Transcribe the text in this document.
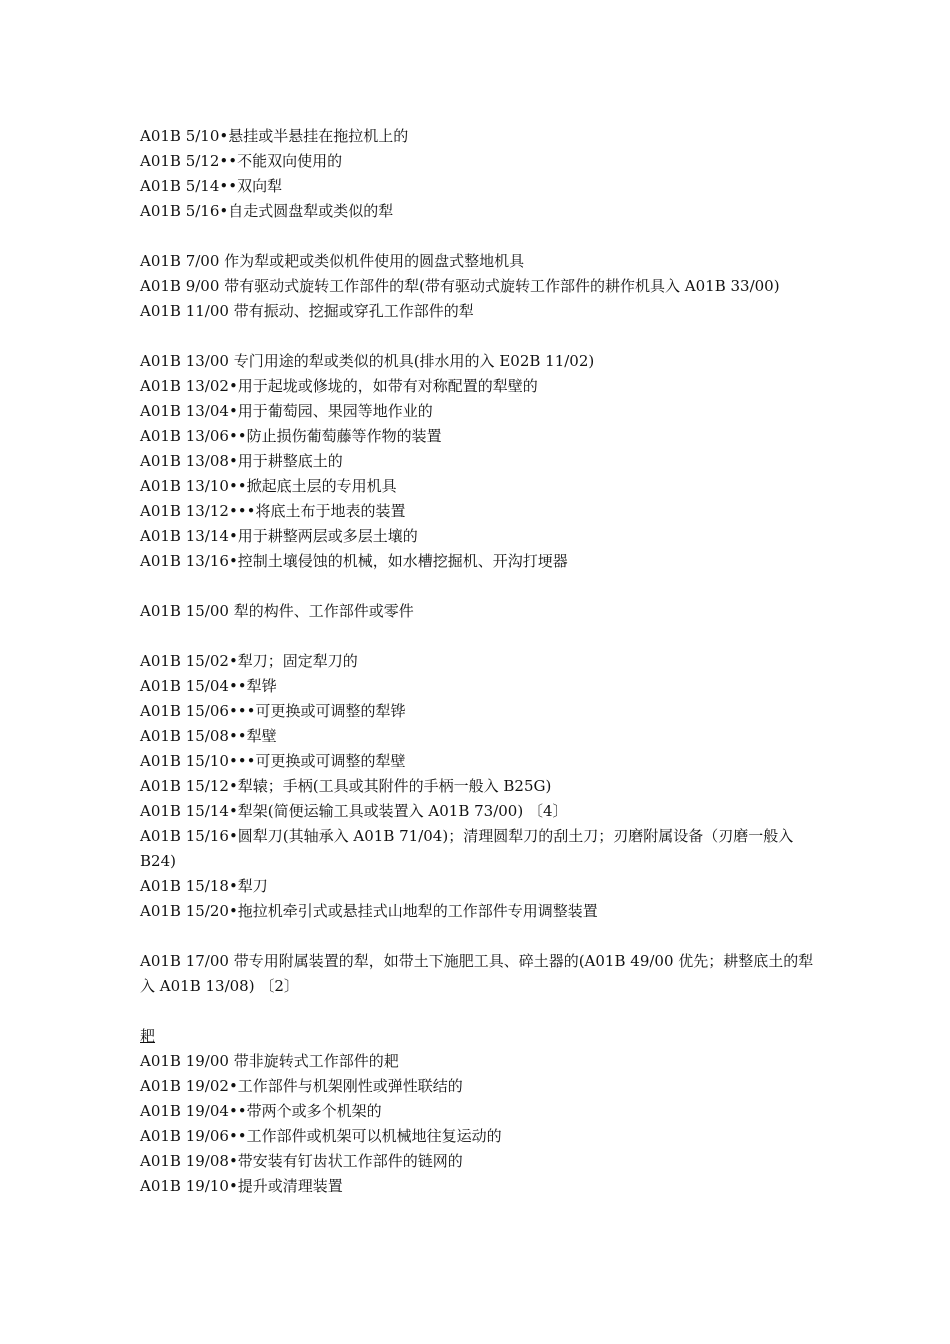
A01B 5/10•悬挂或半悬挂在拖拉机上的

A01B 5/12••不能双向使用的

A01B 5/14••双向犁

A01B 5/16•自走式圆盘犁或类似的犁

A01B 7/00 作为犁或耙或类似机件使用的圆盘式整地机具

A01B 9/00 带有驱动式旋转工作部件的犁(带有驱动式旋转工作部件的耕作机具入 A01B 33/00)

A01B 11/00 带有振动、挖掘或穿孔工作部件的犁

A01B 13/00 专门用途的犁或类似的机具(排水用的入 E02B 11/02)

A01B 13/02•用于起垅或修垅的，如带有对称配置的犁壁的

A01B 13/04•用于葡萄园、果园等地作业的

A01B 13/06••防止损伤葡萄藤等作物的装置

A01B 13/08•用于耕整底土的

A01B 13/10••掀起底土层的专用机具

A01B 13/12•••将底土布于地表的装置

A01B 13/14•用于耕整两层或多层土壤的

A01B 13/16•控制土壤侵蚀的机械，如水槽挖掘机、开沟打埂器

A01B 15/00 犁的构件、工作部件或零件

A01B 15/02•犁刀；固定犁刀的

A01B 15/04••犁铧

A01B 15/06•••可更换或可调整的犁铧

A01B 15/08••犁壁

A01B 15/10•••可更换或可调整的犁壁

A01B 15/12•犁辕；手柄(工具或其附件的手柄一般入 B25G)

A01B 15/14•犁架(简便运输工具或装置入 A01B 73/00) 〔4〕

A01B 15/16•圆犁刀(其轴承入 A01B 71/04)；清理圆犁刀的刮土刀；刃磨附属设备（刃磨一般入 B24)

A01B 15/18•犁刀

A01B 15/20•拖拉机牵引式或悬挂式山地犁的工作部件专用调整装置

A01B 17/00 带专用附属装置的犁，如带土下施肥工具、碎土器的(A01B 49/00 优先；耕整底土的犁入 A01B 13/08) 〔2〕

耙

A01B 19/00 带非旋转式工作部件的耙

A01B 19/02•工作部件与机架刚性或弹性联结的

A01B 19/04••带两个或多个机架的

A01B 19/06••工作部件或机架可以机械地往复运动的

A01B 19/08•带安装有钉齿状工作部件的链网的

A01B 19/10•提升或清理装置
